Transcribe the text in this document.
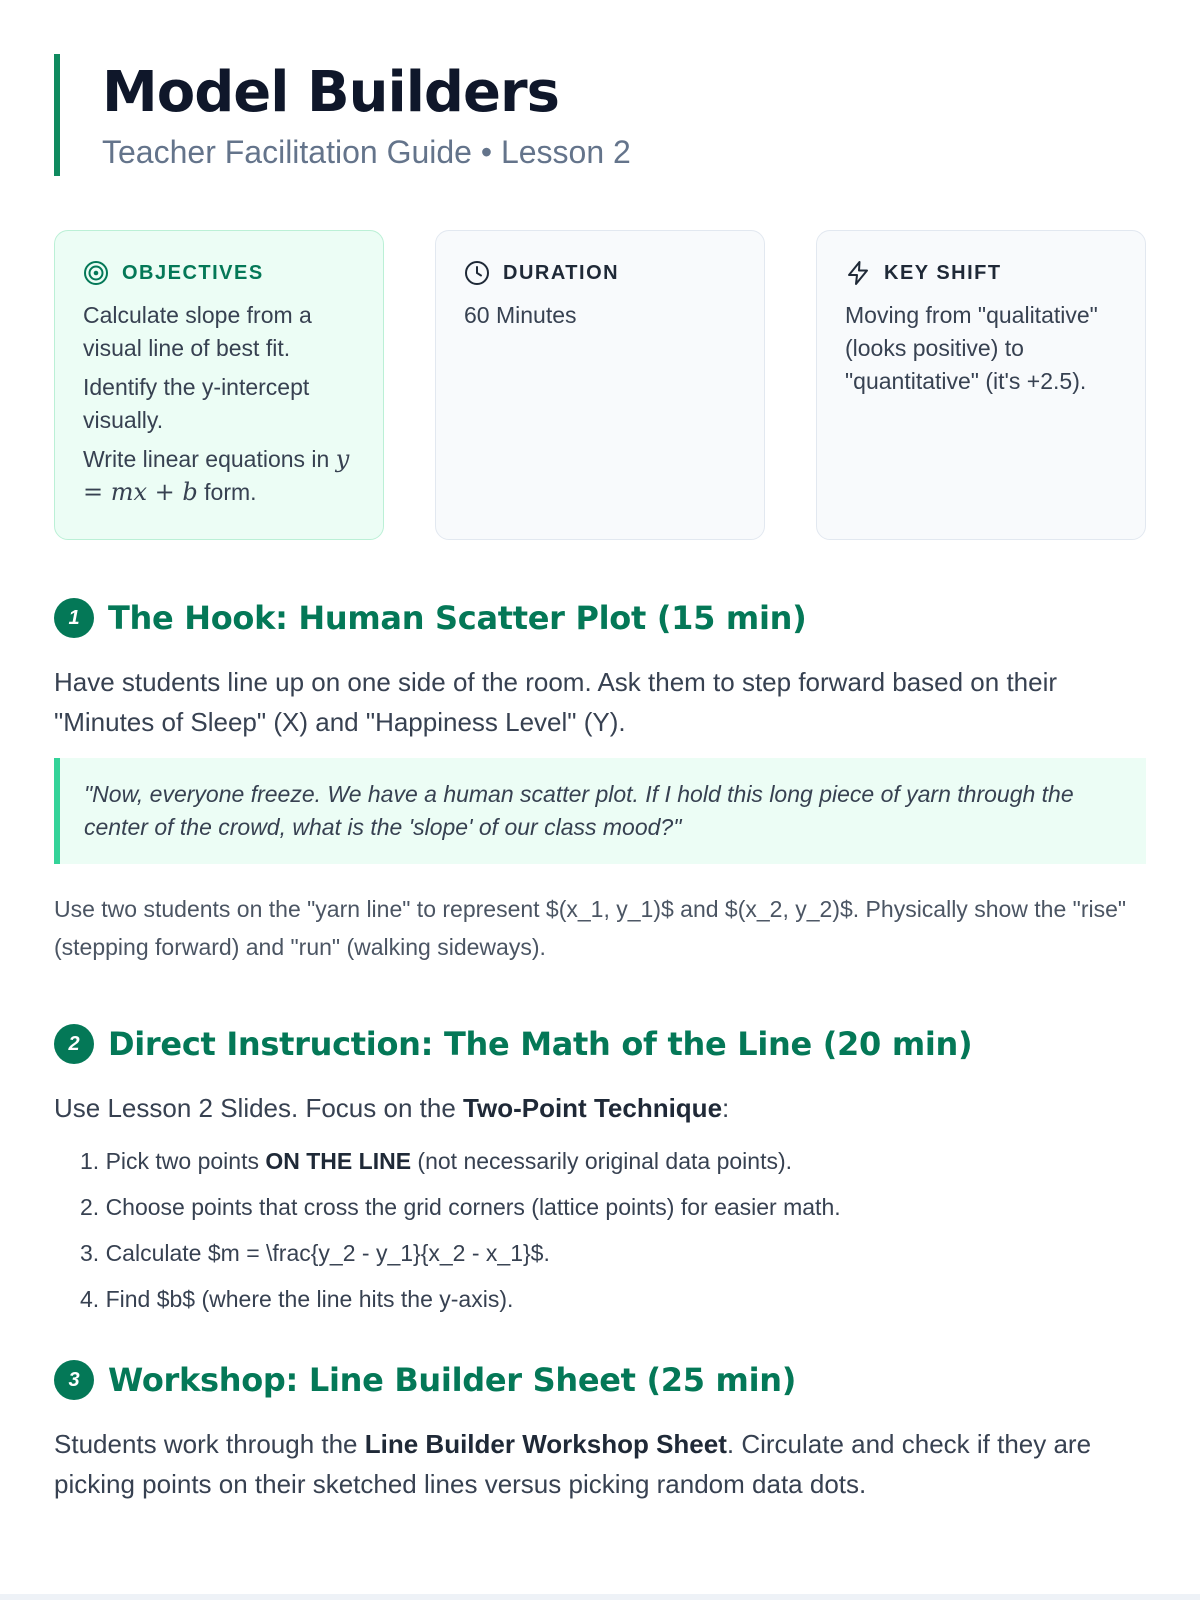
Model Builders
Teacher Facilitation Guide • Lesson 2
OBJECTIVES
Calculate slope from a visual line of best fit.
Identify the y-intercept visually.
Write linear equations in y = mx + b form.
DURATION
60 Minutes
KEY SHIFT
Moving from "qualitative" (looks positive) to "quantitative" (it's +2.5).
1 The Hook: Human Scatter Plot (15 min)

Have students line up on one side of the room. Ask them to step forward based on their "Minutes of Sleep" (X) and "Happiness Level" (Y).

"Now, everyone freeze. We have a human scatter plot. If I hold this long piece of yarn through the center of the crowd, what is the 'slope' of our class mood?"

Use two students on the "yarn line" to represent $(x_1, y_1)$ and $(x_2, y_2)$. Physically show the "rise" (stepping forward) and "run" (walking sideways).

2 Direct Instruction: The Math of the Line (20 min)

Use Lesson 2 Slides. Focus on the Two-Point Technique:

1. Pick two points ON THE LINE (not necessarily original data points).
2. Choose points that cross the grid corners (lattice points) for easier math.
3. Calculate $m = \frac{y_2 - y_1}{x_2 - x_1}$.
4. Find $b$ (where the line hits the y-axis).
3 Workshop: Line Builder Sheet (25 min)

Students work through the Line Builder Workshop Sheet. Circulate and check if they are picking points on their sketched lines versus picking random data dots.
